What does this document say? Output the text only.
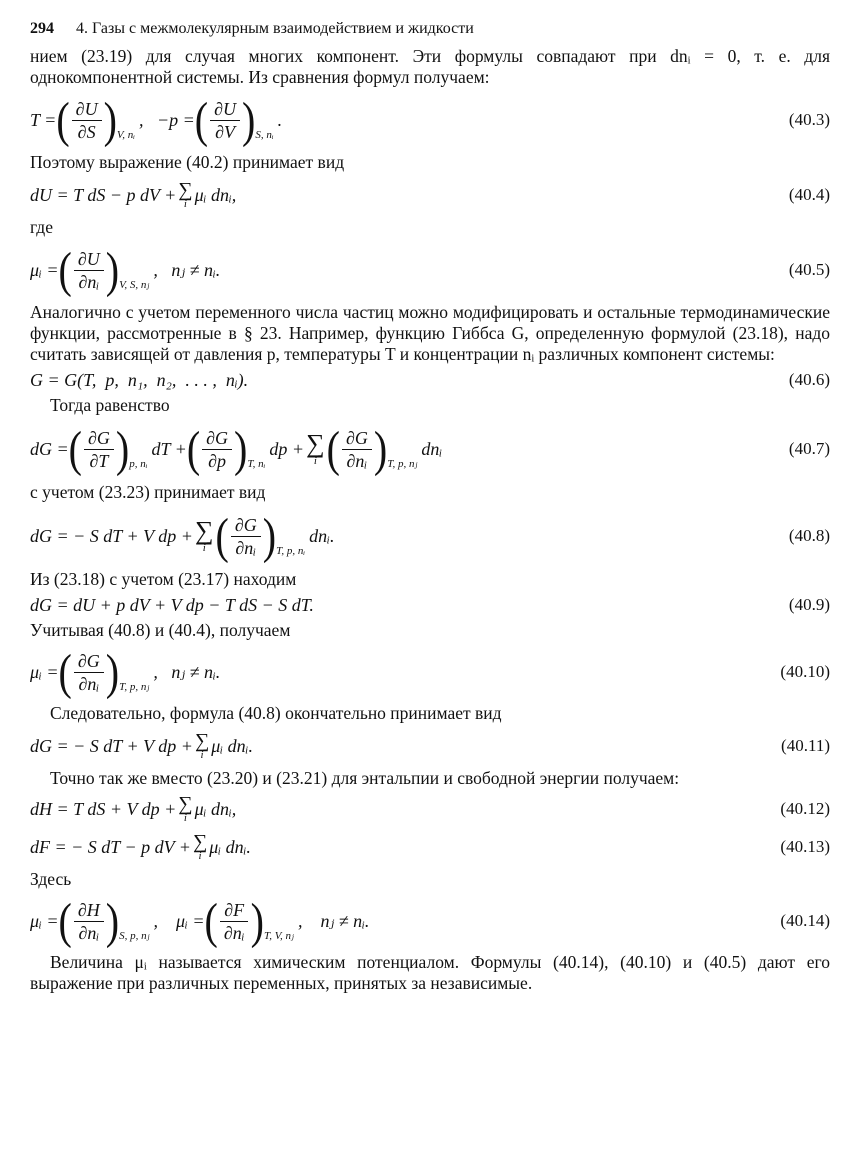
294 4. Газы с межмолекулярным взаимодействием и жидкости

нием (23.19) для случая многих компонент. Эти формулы совпадают при dnᵢ = 0, т. е. для однокомпонентной системы. Из сравнения формул получаем:

T = ( $\frac{\partial U}{\partial S}$ ) V, nᵢ
,   −p = ( $\frac{\partial U}{\partial V}$ ) S, nᵢ
.	(40.3)

Поэтому выражение (40.2) принимает вид

dU = T dS − p dV + ∑
i μᵢ dnᵢ,	(40.4)

где

μᵢ = ( $\frac{\partial U}{\text{∂nᵢ}}$ ) V, S, nⱼ
,   nⱼ ≠ nᵢ.	(40.5)

Аналогично с учетом переменного числа частиц можно модифицировать и остальные термодинамические функции, рассмотренные в § 23. Например, функцию Гиббса G, определенную формулой (23.18), надо считать зависящей от давления p, температуры T и концентрации nᵢ различных компонент системы:

G = G(T,  p,  n₁,  n₂,  . . . ,  nᵢ).	(40.6)

Тогда равенство

dG = ( $\frac{\partial G}{\partial T}$ ) p, nᵢ
dT + ( $\frac{\partial G}{\partial p}$ ) T, nᵢ
dp + ∑
i ( $\frac{\partial G}{\text{∂nᵢ}}$ ) T, p, nⱼ
dnᵢ	(40.7)

с учетом (23.23) принимает вид

dG = − S dT + V dp + ∑
i ( $\frac{\partial G}{\text{∂nᵢ}}$ ) T, p, nᵢ
dnᵢ.	(40.8)

Из (23.18) с учетом (23.17) находим

dG = dU + p dV + V dp − T dS − S dT.	(40.9)

Учитывая (40.8) и (40.4), получаем

μᵢ = ( $\frac{\partial G}{\text{∂nᵢ}}$ ) T, p, nⱼ
,   nⱼ ≠ nᵢ.	(40.10)

Следовательно, формула (40.8) окончательно принимает вид

dG = − S dT + V dp + ∑
i μᵢ dnᵢ.	(40.11)

Точно так же вместо (23.20) и (23.21) для энтальпии и свободной энергии получаем:

dH = T dS + V dp + ∑
i μᵢ dnᵢ,	(40.12)
dF = − S dT − p dV + ∑
i μᵢ dnᵢ.	(40.13)

Здесь

μᵢ = ( $\frac{\partial H}{\text{∂nᵢ}}$ ) S, p, nⱼ
,    μᵢ = ( $\frac{\partial F}{\text{∂nᵢ}}$ ) T, V, nⱼ
,    nⱼ ≠ nᵢ.	(40.14)

Величина μᵢ называется химическим потенциалом. Формулы (40.14), (40.10) и (40.5) дают его выражение при различных переменных, принятых за независимые.
